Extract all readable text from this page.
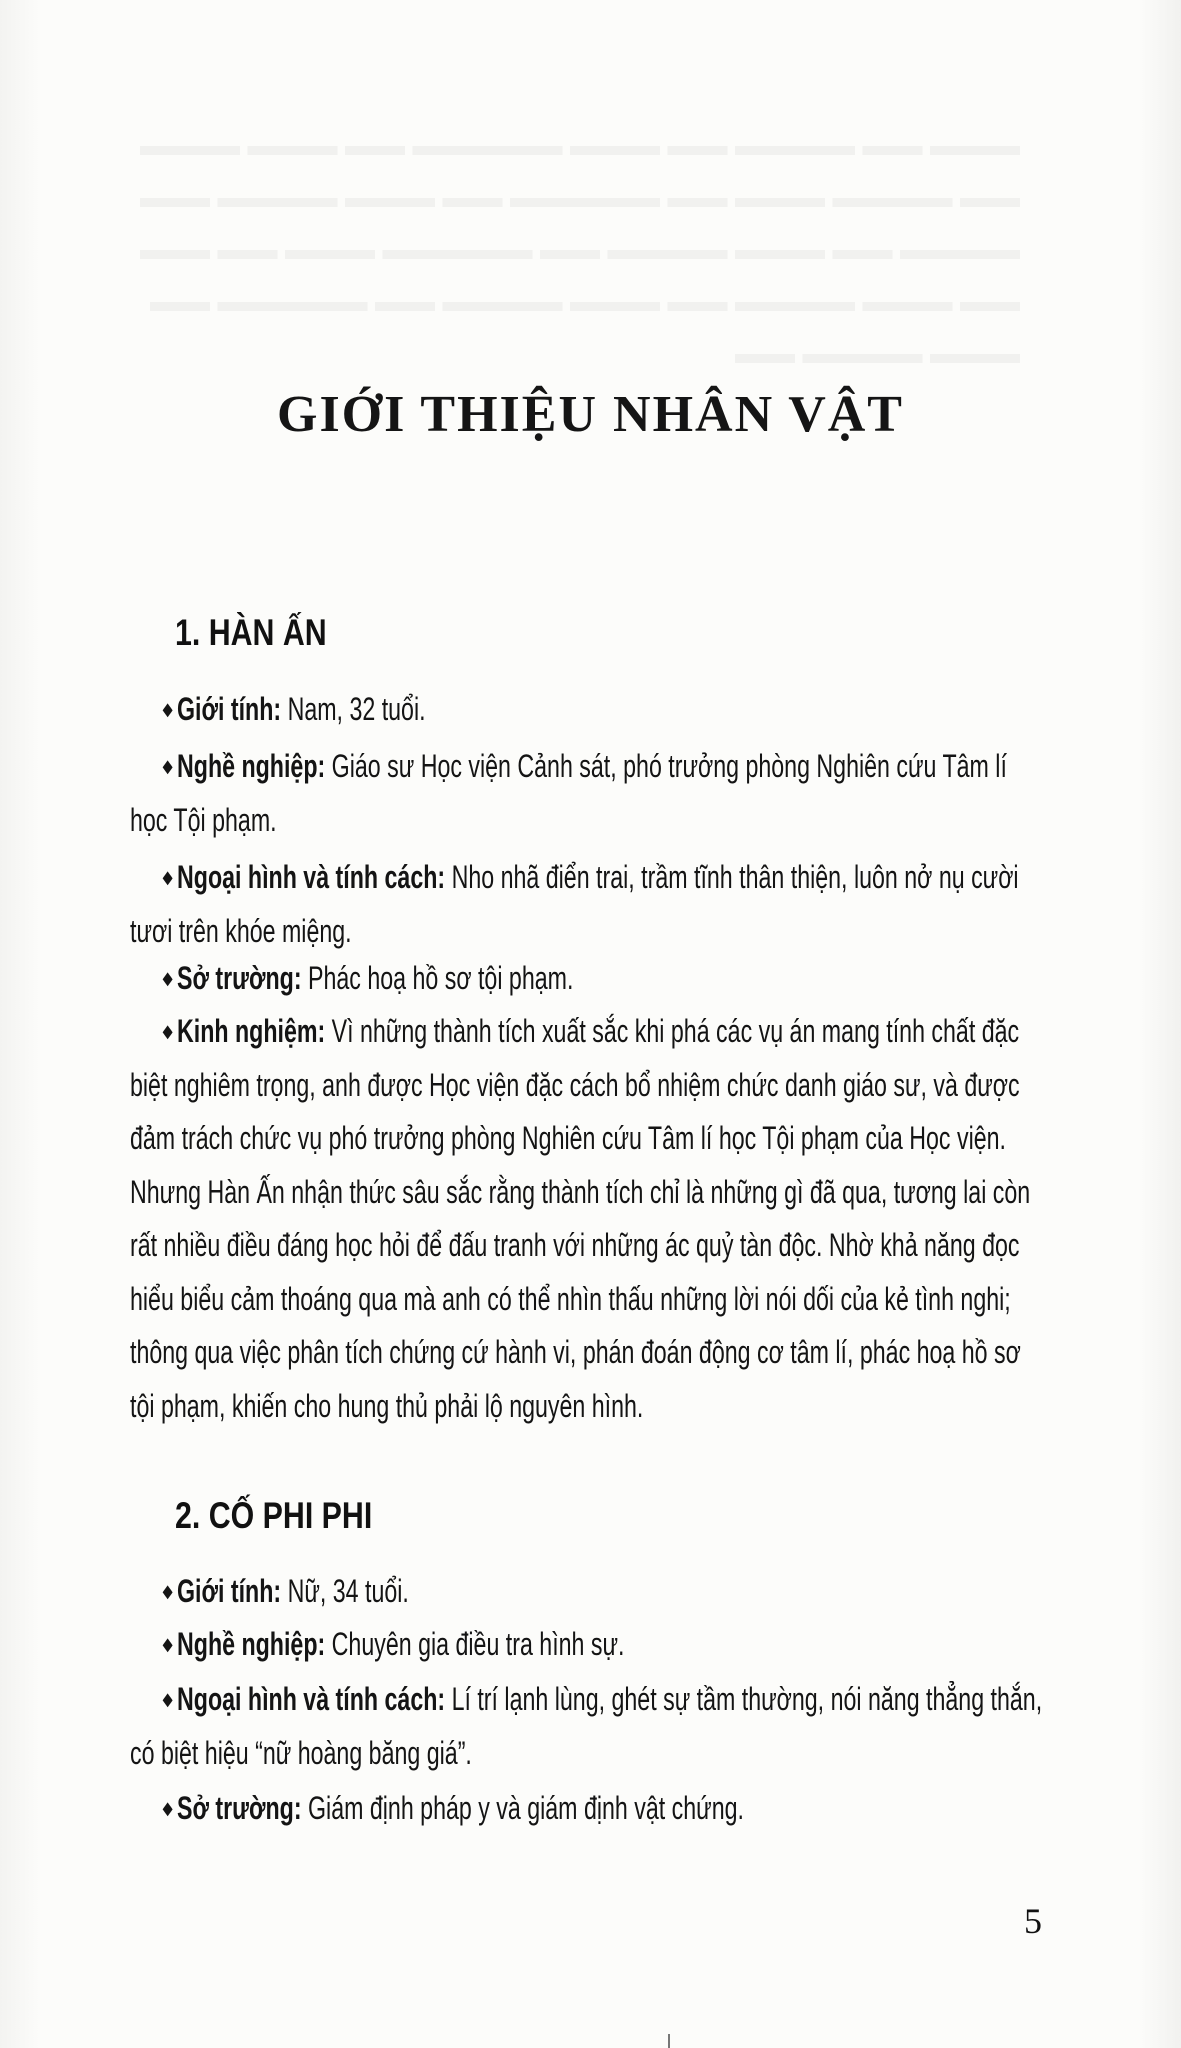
GIỚI THIỆU NHÂN VẬT
1. HÀN ẤN

◆ Giới tính: Nam, 32 tuổi.

◆ Nghề nghiệp: Giáo sư Học viện Cảnh sát, phó trưởng phòng Nghiên cứu Tâm lí học Tội phạm.

◆ Ngoại hình và tính cách: Nho nhã điển trai, trầm tĩnh thân thiện, luôn nở nụ cười tươi trên khóe miệng.

◆ Sở trường: Phác hoạ hồ sơ tội phạm.

◆ Kinh nghiệm: Vì những thành tích xuất sắc khi phá các vụ án mang tính chất đặc biệt nghiêm trọng, anh được Học viện đặc cách bổ nhiệm chức danh giáo sư, và được đảm trách chức vụ phó trưởng phòng Nghiên cứu Tâm lí học Tội phạm của Học viện. Nhưng Hàn Ấn nhận thức sâu sắc rằng thành tích chỉ là những gì đã qua, tương lai còn rất nhiều điều đáng học hỏi để đấu tranh với những ác quỷ tàn độc. Nhờ khả năng đọc hiểu biểu cảm thoáng qua mà anh có thể nhìn thấu những lời nói dối của kẻ tình nghi; thông qua việc phân tích chứng cứ hành vi, phán đoán động cơ tâm lí, phác hoạ hồ sơ tội phạm, khiến cho hung thủ phải lộ nguyên hình.

2. CỐ PHI PHI

◆ Giới tính: Nữ, 34 tuổi.

◆ Nghề nghiệp: Chuyên gia điều tra hình sự.

◆ Ngoại hình và tính cách: Lí trí lạnh lùng, ghét sự tầm thường, nói năng thẳng thắn, có biệt hiệu “nữ hoàng băng giá”.

◆ Sở trường: Giám định pháp y và giám định vật chứng.

5
